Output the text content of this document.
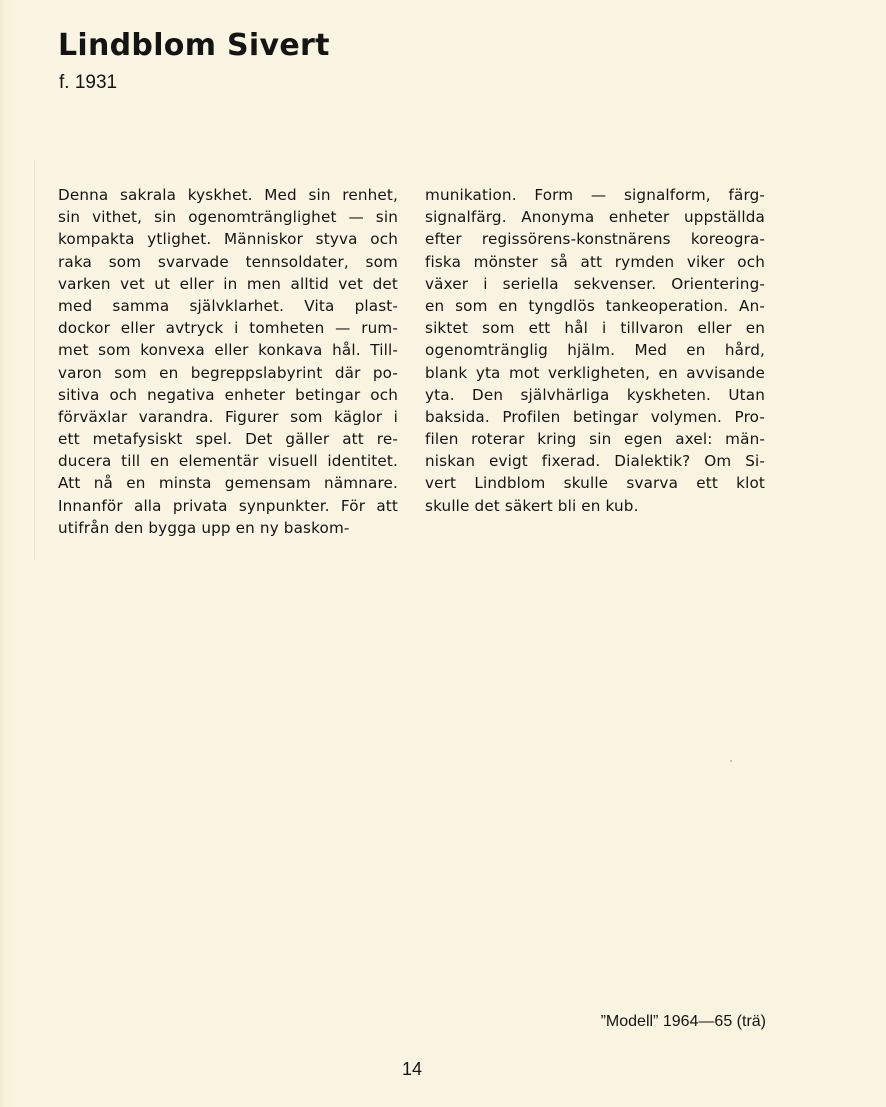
Lindblom Sivert
f. 1931
Denna sakrala kyskhet. Med sin renhet,
sin vithet, sin ogenomtränglighet — sin
kompakta ytlighet. Människor styva och
raka som svarvade tennsoldater, som
varken vet ut eller in men alltid vet det
med samma självklarhet. Vita plast-
dockor eller avtryck i tomheten — rum-
met som konvexa eller konkava hål. Till-
varon som en begreppslabyrint där po-
sitiva och negativa enheter betingar och
förväxlar varandra. Figurer som käglor i
ett metafysiskt spel. Det gäller att re-
ducera till en elementär visuell identitet.
Att nå en minsta gemensam nämnare.
Innanför alla privata synpunkter. För att
utifrån den bygga upp en ny baskom-
munikation. Form — signalform, färg-
signalfärg. Anonyma enheter uppställda
efter regissörens-konstnärens koreogra-
fiska mönster så att rymden viker och
växer i seriella sekvenser. Orientering-
en som en tyngdlös tankeoperation. An-
siktet som ett hål i tillvaron eller en
ogenomtränglig hjälm. Med en hård,
blank yta mot verkligheten, en avvisande
yta. Den självhärliga kyskheten. Utan
baksida. Profilen betingar volymen. Pro-
filen roterar kring sin egen axel: män-
niskan evigt fixerad. Dialektik? Om Si-
vert Lindblom skulle svarva ett klot
skulle det säkert bli en kub.
”Modell” 1964—65 (trä)
14
